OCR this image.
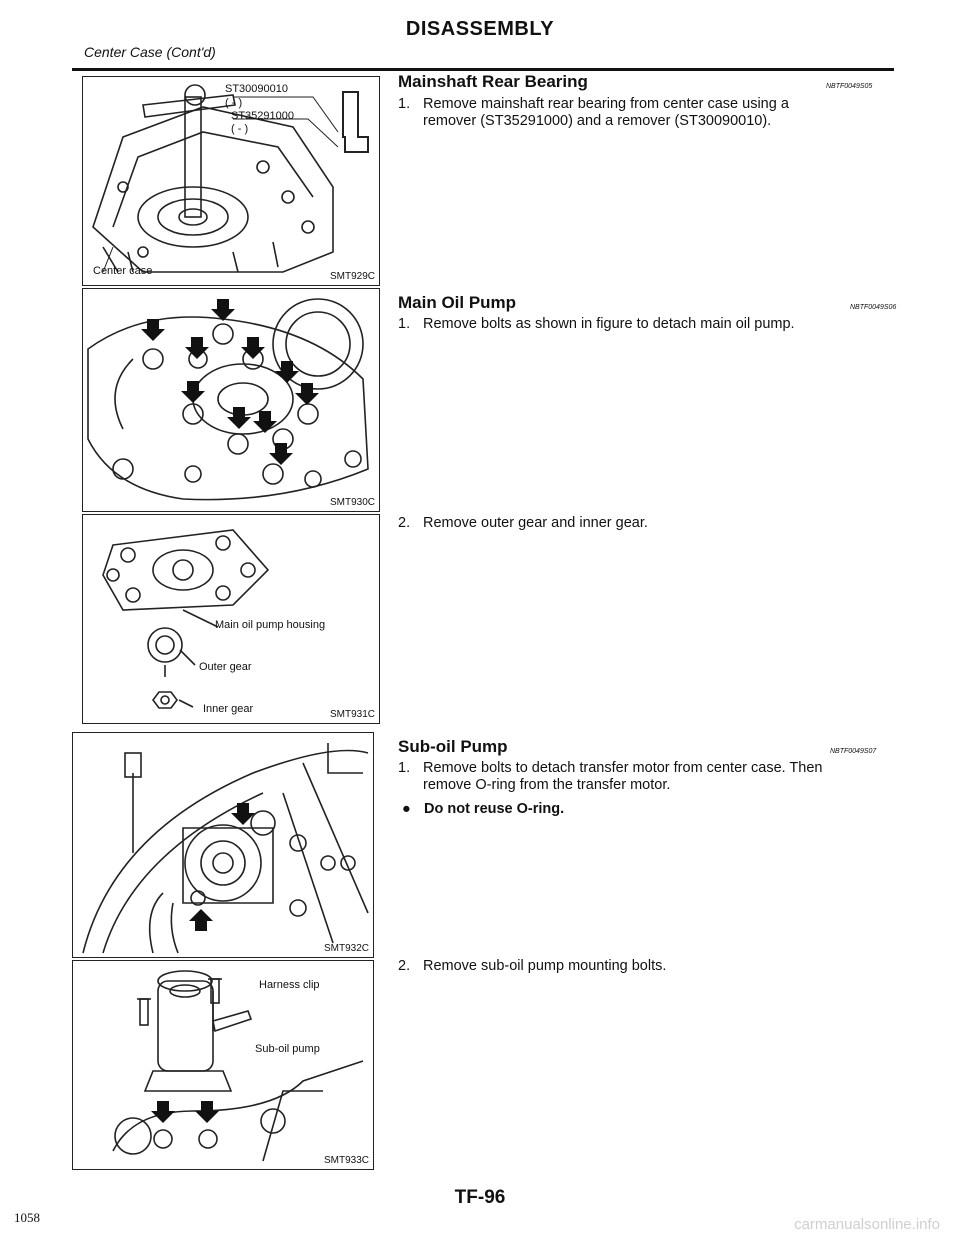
DISASSEMBLY
Center Case (Cont'd)
ST30090010
( - )
ST35291000
( - )
Center case	SMT929C
SMT930C
Main oil pump housing
Outer gear
Inner gear	SMT931C
SMT932C
Harness clip
Sub-oil pump
SMT933C
Mainshaft Rear Bearing	NBTF0049S05
1. Remove mainshaft rear bearing from center case using a
remover (ST35291000) and a remover (ST30090010).
Main Oil Pump	NBTF0049S06
1. Remove bolts as shown in figure to detach main oil pump.
2. Remove outer gear and inner gear.
Sub-oil Pump	NBTF0049S07
1. Remove bolts to detach transfer motor from center case. Then
remove O-ring from the transfer motor.
● Do not reuse O-ring.
2. Remove sub-oil pump mounting bolts.
TF-96
1058	carmanualsonline.info
